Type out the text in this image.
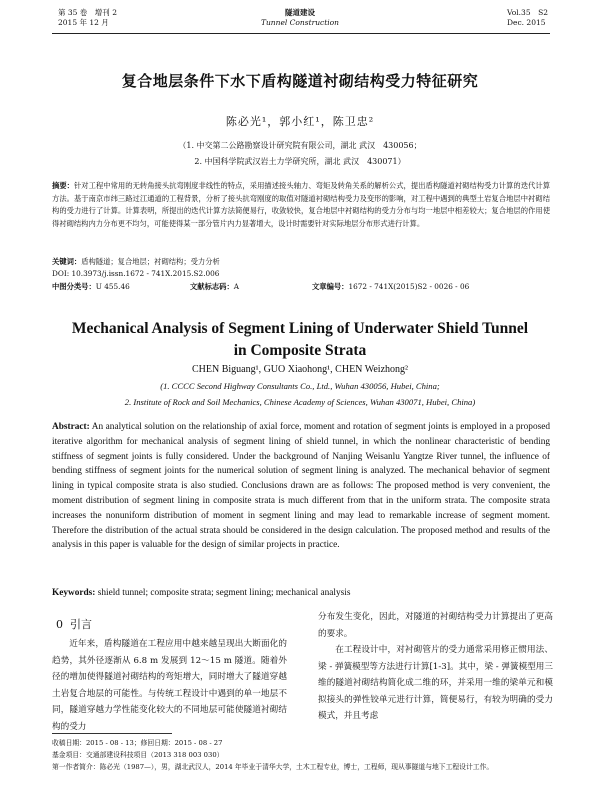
第 35 卷　增刊 2
2015 年 12 月
隧道建设
Tunnel Construction
Vol.35　S2
Dec. 2015
复合地层条件下水下盾构隧道衬砌结构受力特征研究
陈必光¹，郭小红¹，陈卫忠²
（1. 中交第二公路勘察设计研究院有限公司，湖北 武汉　430056；
2. 中国科学院武汉岩土力学研究所，湖北 武汉　430071）
摘要：针对工程中常用的无转角接头抗弯刚度非线性的特点，采用描述接头轴力、弯矩及转角关系的解析公式，提出盾构隧道衬砌结构受力计算的迭代计算方法。基于南京市纬三路过江通道的工程背景，分析了接头抗弯刚度的取值对隧道衬砌结构受力及变形的影响，对工程中遇到的典型土岩复合地层中衬砌结构的受力进行了计算。计算表明，所提出的迭代计算方法简便易行，收敛较快，复合地层中衬砌结构的受力分布与均一地层中相差较大；复合地层的作用使得衬砌结构内力分布更不均匀，可能使得某一部分管片内力显著增大，设计时需要针对实际地层分布形式进行计算。
关键词：盾构隧道；复合地层；衬砌结构；受力分析
DOI: 10.3973/j.issn.1672 - 741X.2015.S2.006
中图分类号：U 455.46	文献标志码：A	文章编号：1672 - 741X(2015)S2 - 0026 - 06
Mechanical Analysis of Segment Lining of Underwater Shield Tunnel
in Composite Strata
CHEN Biguang¹, GUO Xiaohong¹, CHEN Weizhong²
(1. CCCC Second Highway Consultants Co., Ltd., Wuhan 430056, Hubei, China;
2. Institute of Rock and Soil Mechanics, Chinese Academy of Sciences, Wuhan 430071, Hubei, China)
Abstract: An analytical solution on the relationship of axial force, moment and rotation of segment joints is employed in a proposed iterative algorithm for mechanical analysis of segment lining of shield tunnel, in which the nonlinear characteristic of bending stiffness of segment joints is fully considered. Under the background of Nanjing Weisanlu Yangtze River tunnel, the influence of bending stiffness of segment joints for the numerical solution of segment lining is analyzed. The mechanical behavior of segment lining in typical composite strata is also studied. Conclusions drawn are as follows: The proposed method is very convenient, the moment distribution of segment lining in composite strata is much different from that in the uniform strata. The composite strata increases the nonuniform distribution of moment in segment lining and may lead to remarkable increase of segment moment. Therefore the distribution of the actual strata should be considered in the design calculation. The proposed method and results of the analysis in this paper is valuable for the design of similar projects in practice.
Keywords: shield tunnel; composite strata; segment lining; mechanical analysis
0 引言
近年来，盾构隧道在工程应用中越来越呈现出大断面化的趋势，其外径逐渐从 6.8 m 发展到 12～15 m 隧道。随着外径的增加使得隧道衬砌结构的弯矩增大，同时增大了隧道穿越土岩复合地层的可能性。与传统工程设计中遇到的单一地层不同，隧道穿越力学性能变化较大的不同地层可能使隧道衬砌结构的受力
分布发生变化，因此，对隧道的衬砌结构受力计算提出了更高的要求。
在工程设计中，对衬砌管片的受力通常采用修正惯用法、梁 - 弹簧模型等方法进行计算[1-3]。其中，梁 - 弹簧模型用三维的隧道衬砌结构简化成二维的环，并采用一维的梁单元和模拟接头的弹性铰单元进行计算，简便易行，有较为明确的受力模式，并且考虑
收稿日期：2015 - 08 - 13；修回日期：2015 - 08 - 27
基金项目：交通部建设科技项目（2013 318 003 030）
第一作者简介：陈必光（1987—），男，湖北武汉人，2014 年毕业于清华大学，土木工程专业，博士，工程师，现从事隧道与地下工程设计工作。
